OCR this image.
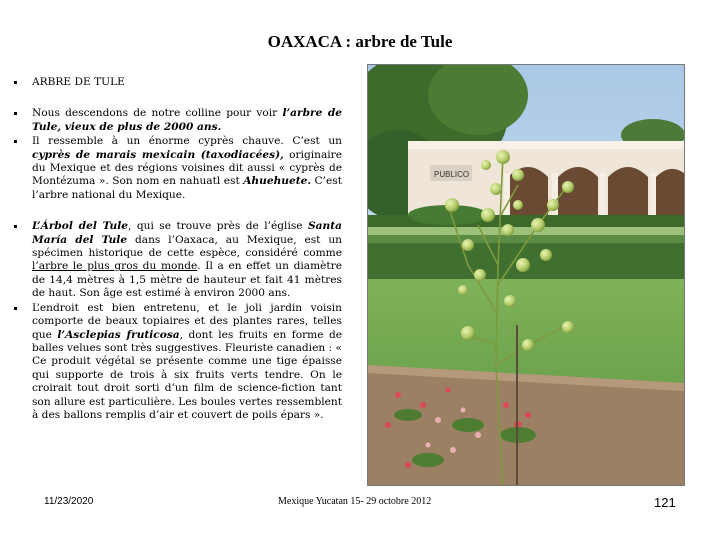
OAXACA : arbre de Tule
ARBRE DE TULE
Nous descendons de notre colline pour voir l’arbre de Tule, vieux de plus de 2000 ans.
Il ressemble à un énorme cyprès chauve. C’est un cyprès de marais mexicain (taxodiacées), originaire du Mexique et des régions voisines dit aussi « cyprès de Montézuma ». Son nom en nahuatl est Ahuehuete. C’est l’arbre national du Mexique.
L’Árbol del Tule, qui se trouve près de l’église Santa María del Tule dans l’Oaxaca, au Mexique, est un spécimen historique de cette espèce, considéré comme l’arbre le plus gros du monde. Il a en effet un diamètre de 14,4 mètres à 1,5 mètre de hauteur et fait 41 mètres de haut. Son âge est estimé à environ 2000 ans.
L’endroit est bien entretenu, et le joli jardin voisin comporte de beaux topiaires et des plantes rares, telles que l’Asclepias fruticosa, dont les fruits en forme de balles velues sont très suggestives. Fleuriste canadien : « Ce produit végétal se présente comme une tige épaisse qui supporte de trois à six fruits verts tendre. On le croirait tout droit sorti d’un film de science-fiction tant son allure est particulière. Les boules vertes ressemblent à des ballons remplis d’air et couvert de poils épars ».
PUBLICO
11/23/2020	Mexique Yucatan 15- 29 octobre 2012	121
